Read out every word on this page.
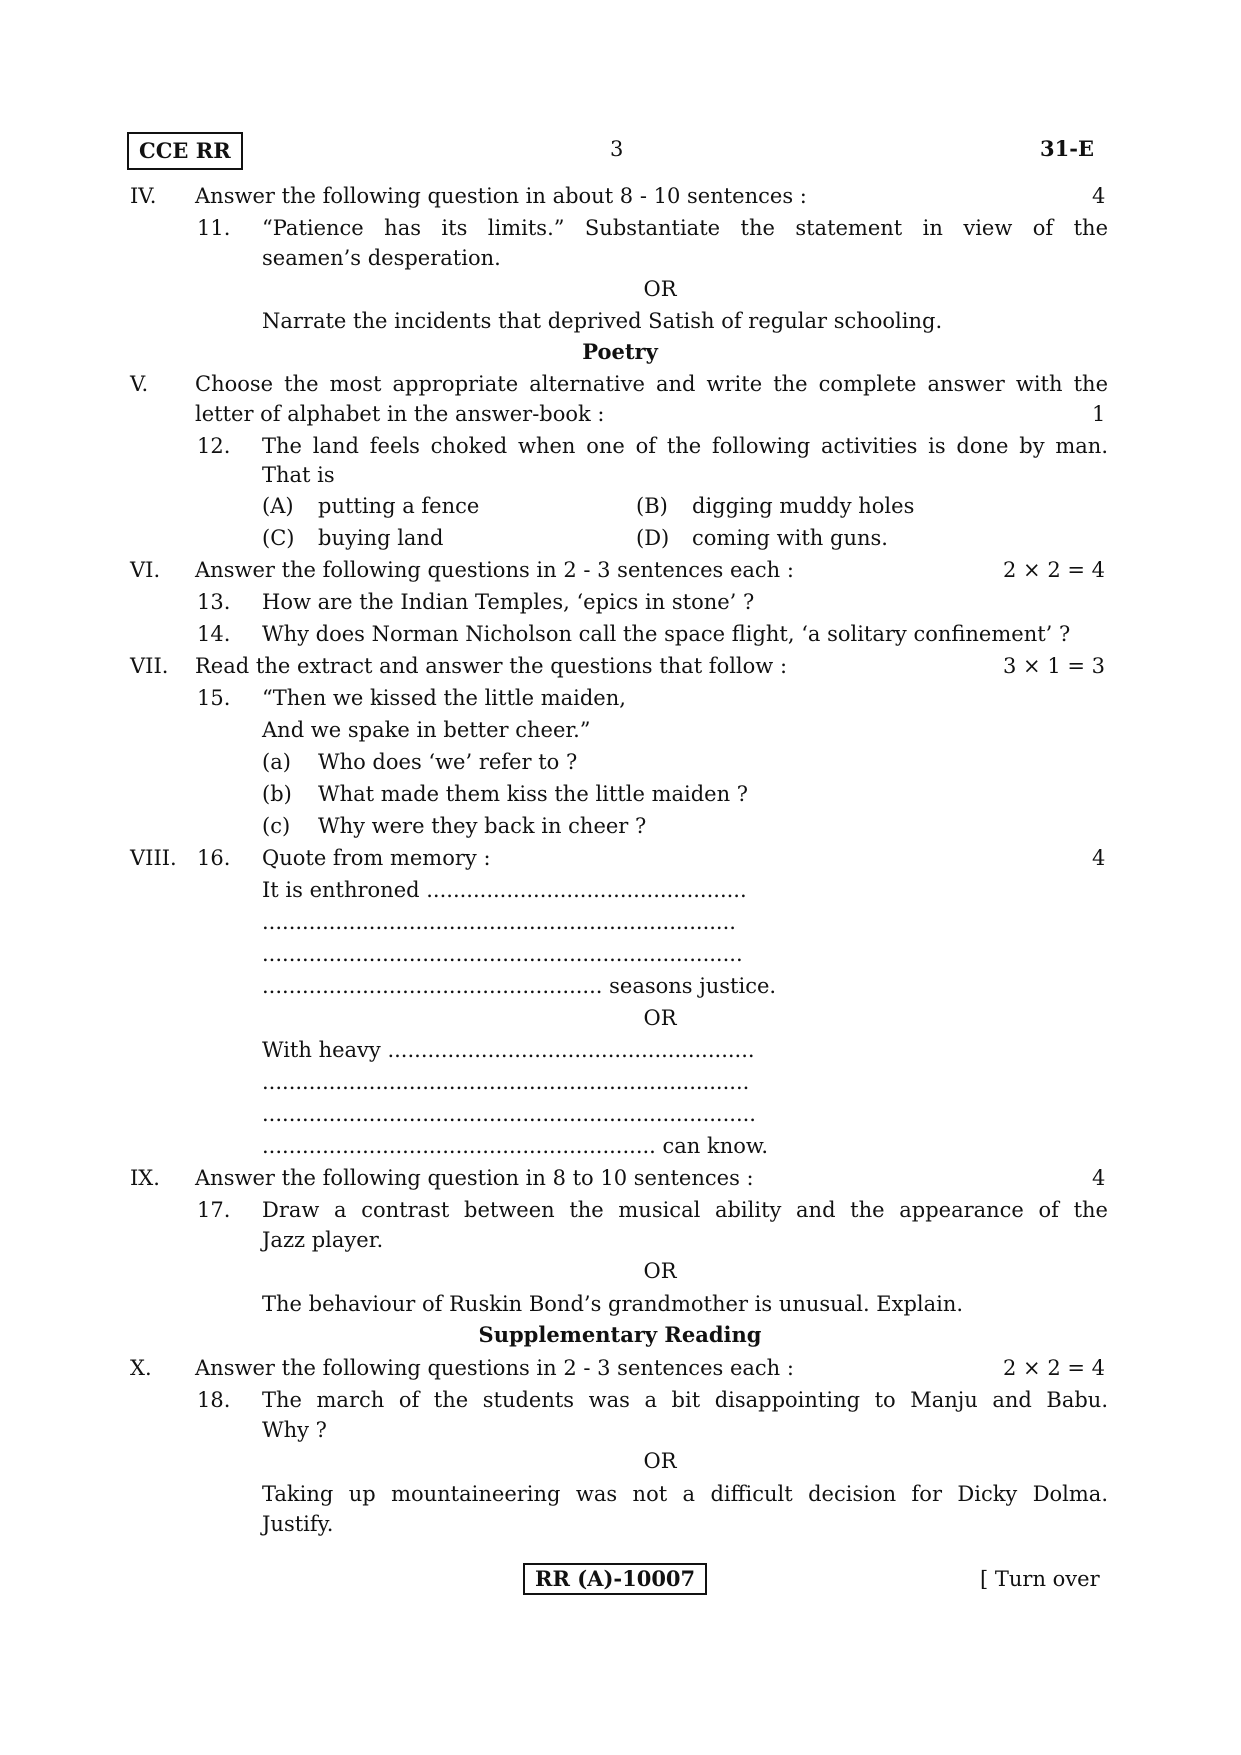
CCE RR	3	31-E
IV. Answer the following question in about 8 - 10 sentences :	4
11. “Patience has its limits.” Substantiate the statement in view of the
seamen’s desperation.
OR
Narrate the incidents that deprived Satish of regular schooling.
Poetry
V. Choose the most appropriate alternative and write the complete answer with the
letter of alphabet in the answer-book :	1
12. The land feels choked when one of the following activities is done by man.
That is
(A) putting a fence	(B) digging muddy holes
(C) buying land	(D) coming with guns.
VI. Answer the following questions in 2 - 3 sentences each :	2 × 2 = 4
13. How are the Indian Temples, ‘epics in stone’ ?
14. Why does Norman Nicholson call the space flight, ‘a solitary confinement’ ?
VII. Read the extract and answer the questions that follow :	3 × 1 = 3
15. “Then we kissed the little maiden,
And we spake in better cheer.”
(a) Who does ‘we’ refer to ?
(b) What made them kiss the little maiden ?
(c) Why were they back in cheer ?
VIII. 16. Quote from memory :	4
It is enthroned ................................................
.......................................................................
........................................................................
................................................... seasons justice.
OR
With heavy .......................................................
.........................................................................
..........................................................................
........................................................... can know.
IX. Answer the following question in 8 to 10 sentences :	4
17. Draw a contrast between the musical ability and the appearance of the
Jazz player.
OR
The behaviour of Ruskin Bond’s grandmother is unusual. Explain.
Supplementary Reading
X. Answer the following questions in 2 - 3 sentences each :	2 × 2 = 4
18. The march of the students was a bit disappointing to Manju and Babu.
Why ?
OR
Taking up mountaineering was not a difficult decision for Dicky Dolma.
Justify.
RR (A)-10007	[ Turn over
